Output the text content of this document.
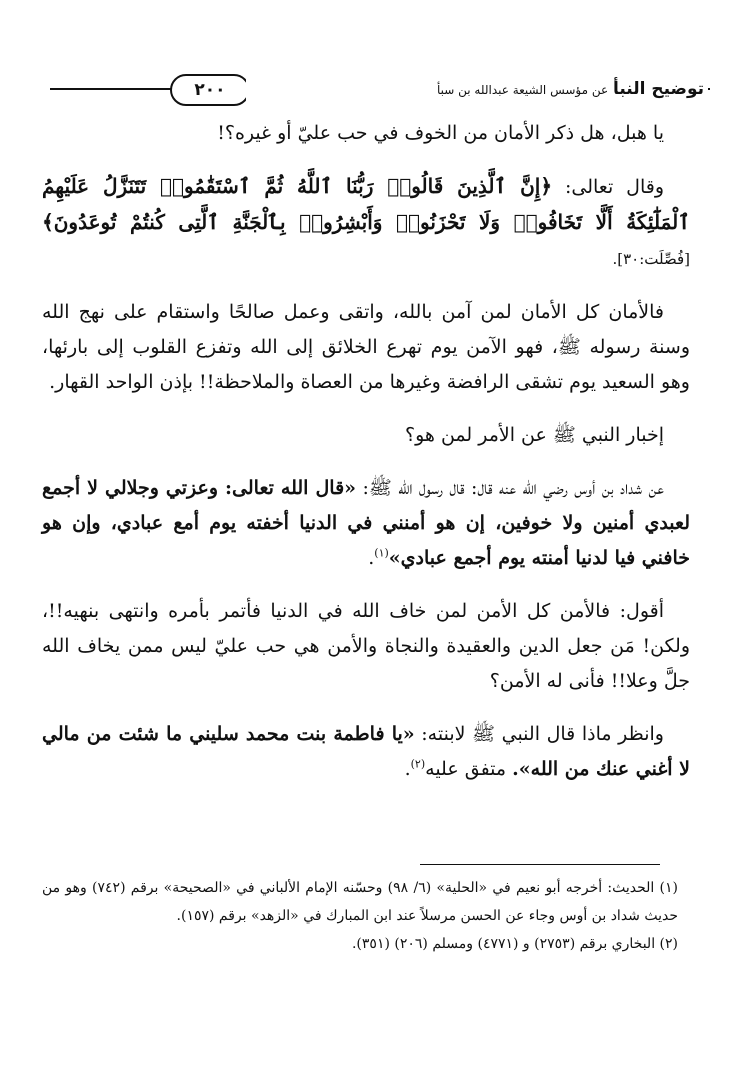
٢٠٠	توضيح النبأ عن مؤسس الشيعة عبدالله بن سبأ

يا هبل، هل ذكر الأمان من الخوف في حب عليّ أو غيره؟!

وقال تعالى: ﴿إِنَّ ٱلَّذِينَ قَالُوا۟ رَبُّنَا ٱللَّهُ ثُمَّ ٱسْتَقَٰمُوا۟ تَتَنَزَّلُ عَلَيْهِمُ ٱلْمَلَٰٓئِكَةُ أَلَّا تَخَافُوا۟ وَلَا تَحْزَنُوا۟ وَأَبْشِرُوا۟ بِٱلْجَنَّةِ ٱلَّتِى كُنتُمْ تُوعَدُونَ﴾ [فُصِّلَت:٣٠].

فالأمان كل الأمان لمن آمن بالله، واتقى وعمل صالحًا واستقام على نهج الله وسنة رسوله ﷺ، فهو الآمن يوم تهرع الخلائق إلى الله وتفزع القلوب إلى بارئها، وهو السعيد يوم تشقى الرافضة وغيرها من العصاة والملاحظة!! بإذن الواحد القهار.

إخبار النبي ﷺ عن الأمر لمن هو؟

عن شداد بن أوس رضي الله عنه قال: قال رسول الله ﷺ: «قال الله تعالى: وعزتي وجلالي لا أجمع لعبدي أمنين ولا خوفين، إن هو أمنني في الدنيا أخفته يوم أمع عبادي، وإن هو خافني فيا لدنيا أمنته يوم أجمع عبادي»$^{(١)}$.

أقول: فالأمن كل الأمن لمن خاف الله في الدنيا فأتمر بأمره وانتهى بنهيه!!، ولكن! مَن جعل الدين والعقيدة والنجاة والأمن هي حب عليّ ليس ممن يخاف الله جلَّ وعلا!! فأنى له الأمن؟

وانظر ماذا قال النبي ﷺ لابنته: «يا فاطمة بنت محمد سليني ما شئت من مالي لا أغني عنك من الله». متفق عليه$^{(٢)}$.

(١) الحديث: أخرجه أبو نعيم في «الحلية» (٦/ ٩٨) وحسّنه الإمام الألباني في «الصحيحة» برقم (٧٤٢) وهو من حديث شداد بن أوس وجاء عن الحسن مرسلاً عند ابن المبارك في «الزهد» برقم (١٥٧).

(٢) البخاري برقم (٢٧٥٣) و (٤٧٧١) ومسلم (٢٠٦) (٣٥١).
